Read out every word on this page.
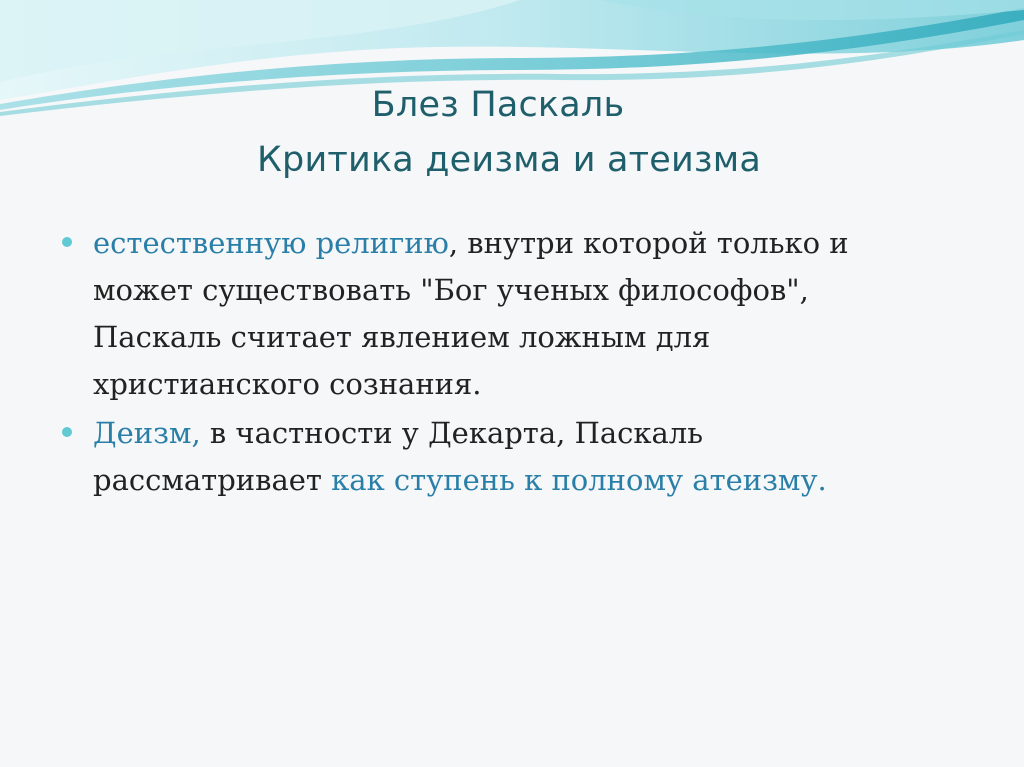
Блез Паскаль
Критика деизма и атеизма
естественную религию, внутри которой только и
может существовать "Бог ученых философов",
Паскаль считает явлением ложным для
христианского сознания.
Деизм, в частности у Декарта, Паскаль
рассматривает как ступень к полному атеизму.
